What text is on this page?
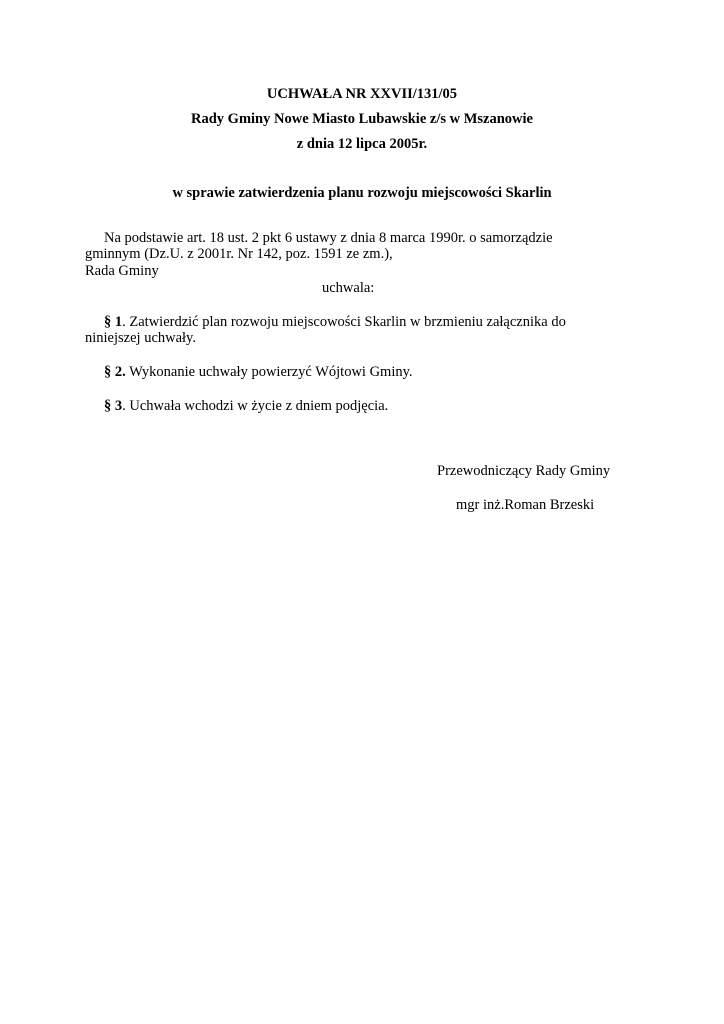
UCHWAŁA NR XXVII/131/05
Rady Gminy Nowe Miasto Lubawskie z/s w Mszanowie
z dnia 12 lipca 2005r.
w sprawie zatwierdzenia planu rozwoju miejscowości Skarlin
Na podstawie art. 18 ust. 2 pkt 6 ustawy z dnia 8 marca 1990r. o samorządzie
gminnym (Dz.U. z 2001r. Nr 142, poz. 1591 ze zm.),
Rada Gminy
uchwala:
§ 1. Zatwierdzić plan rozwoju miejscowości Skarlin w brzmieniu załącznika do
niniejszej uchwały.
§ 2. Wykonanie uchwały powierzyć Wójtowi Gminy.
§ 3. Uchwała wchodzi w życie z dniem podjęcia.
Przewodniczący Rady Gminy
mgr inż.Roman Brzeski
